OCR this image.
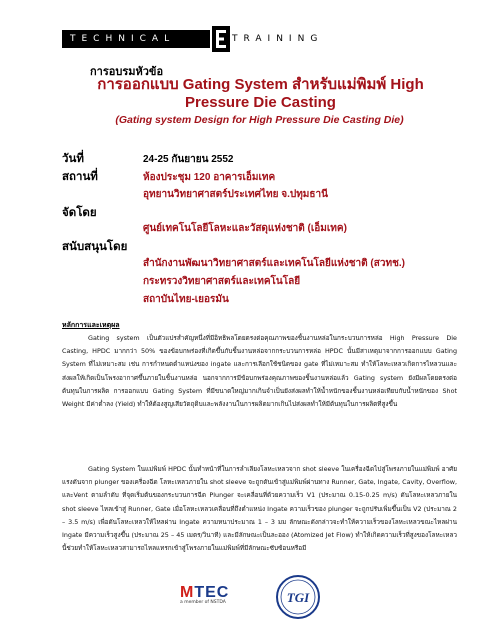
TECHNICAL	TRAINING
การอบรมหัวข้อ
การออกแบบ Gating System สำหรับแม่พิมพ์ High Pressure Die Casting
(Gating system Design for High Pressure Die Casting Die)
วันที่	24-25 กันยายน 2552
สถานที่	ห้องประชุม 120 อาคารเอ็มเทค
อุทยานวิทยาศาสตร์ประเทศไทย จ.ปทุมธานี
จัดโดย
ศูนย์เทคโนโลยีโลหะและวัสดุแห่งชาติ (เอ็มเทค)
สนับสนุนโดย
สำนักงานพัฒนาวิทยาศาสตร์และเทคโนโลยีแห่งชาติ (สวทช.)
กระทรวงวิทยาศาสตร์และเทคโนโลยี
สถาบันไทย-เยอรมัน
หลักการและเหตุผล
Gating system เป็นตัวแปรสำคัญหนึ่งที่มีอิทธิพลโดยตรงต่อคุณภาพของชิ้นงานหล่อในกระบวนการหล่อ High Pressure Die Casting, HPDC มากกว่า 50% ของข้อบกพร่องที่เกิดขึ้นกับชิ้นงานหล่อจากกระบวนการหล่อ HPDC นั้นมีสาเหตุมาจากการออกแบบ Gating System ที่ไม่เหมาะสม เช่น การกำหนดตำแหน่งของ ingate และการเลือกใช้ชนิดของ gate ที่ไม่เหมาะสม ทำให้โลหะเหลวเกิดการไหลวนและส่งผลให้เกิดเป็นโพรงอากาศขึ้นภายในชิ้นงานหล่อ นอกจากการมีข้อบกพร่องคุณภาพของชิ้นงานหล่อแล้ว Gating system ยังมีผลโดยตรงต่อต้นทุนในการผลิต การออกแบบ Gating System ที่มีขนาดใหญ่มากเกินจำเป็นยังส่งผลทำให้น้ำหนักของชิ้นงานหล่อเทียบกับน้ำหนักของ Shot Weight มีค่าต่ำลง (Yield) ทำให้ต้องสูญเสียวัตถุดิบและพลังงานในการผลิตมากเกินไปส่งผลทำให้มีต้นทุนในการผลิตที่สูงขึ้น
Gating System ในแม่พิมพ์ HPDC นั้นทำหน้าที่ในการลำเลียงโลหะเหลวจาก shot sleeve ในเครื่องฉีดไปสู่โพรงภายในแม่พิมพ์ อาศัยแรงดันจาก plunger ของเครื่องฉีด โลหะเหลวภายใน shot sleeve จะถูกดันเข้าสู่แม่พิมพ์ผ่านทาง Runner, Gate, Ingate, Cavity, Overflow, และVent ตามลำดับ ที่จุดเริ่มต้นของกระบวนการฉีด Plunger จะเคลื่อนที่ด้วยความเร็ว V1 (ประมาณ 0.15-0.25 m/s) ดันโลหะเหลวภายใน shot sleeve ไหลเข้าสู่ Runner, Gate เมื่อโลหะเหลวเคลื่อนที่ถึงตำแหน่ง Ingate ความเร็วของ plunger จะถูกปรับเพิ่มขึ้นเป็น V2 (ประมาณ 2 – 3.5 m/s) เพื่อดันโลหะเหลวให้ไหลผ่าน Ingate ความหนาประมาณ 1 – 3 มม ลักษณะดังกล่าวจะทำให้ความเร็วของโลหะเหลวขณะไหลผ่าน Ingate มีความเร็วสูงขึ้น (ประมาณ 25 – 45 เมตร/วินาที) และมีลักษณะเป็นละออง (Atomized Jet Flow) ทำให้เกิดความเร็วที่สูงของโลหะเหลวนี้ช่วยทำให้โลหะเหลวสามารถไหลแทรกเข้าสู่โพรงภายในแม่พิมพ์ที่มีลักษณะซับซ้อนหรือมี
MTEC
a member of NSTDA	TGI
